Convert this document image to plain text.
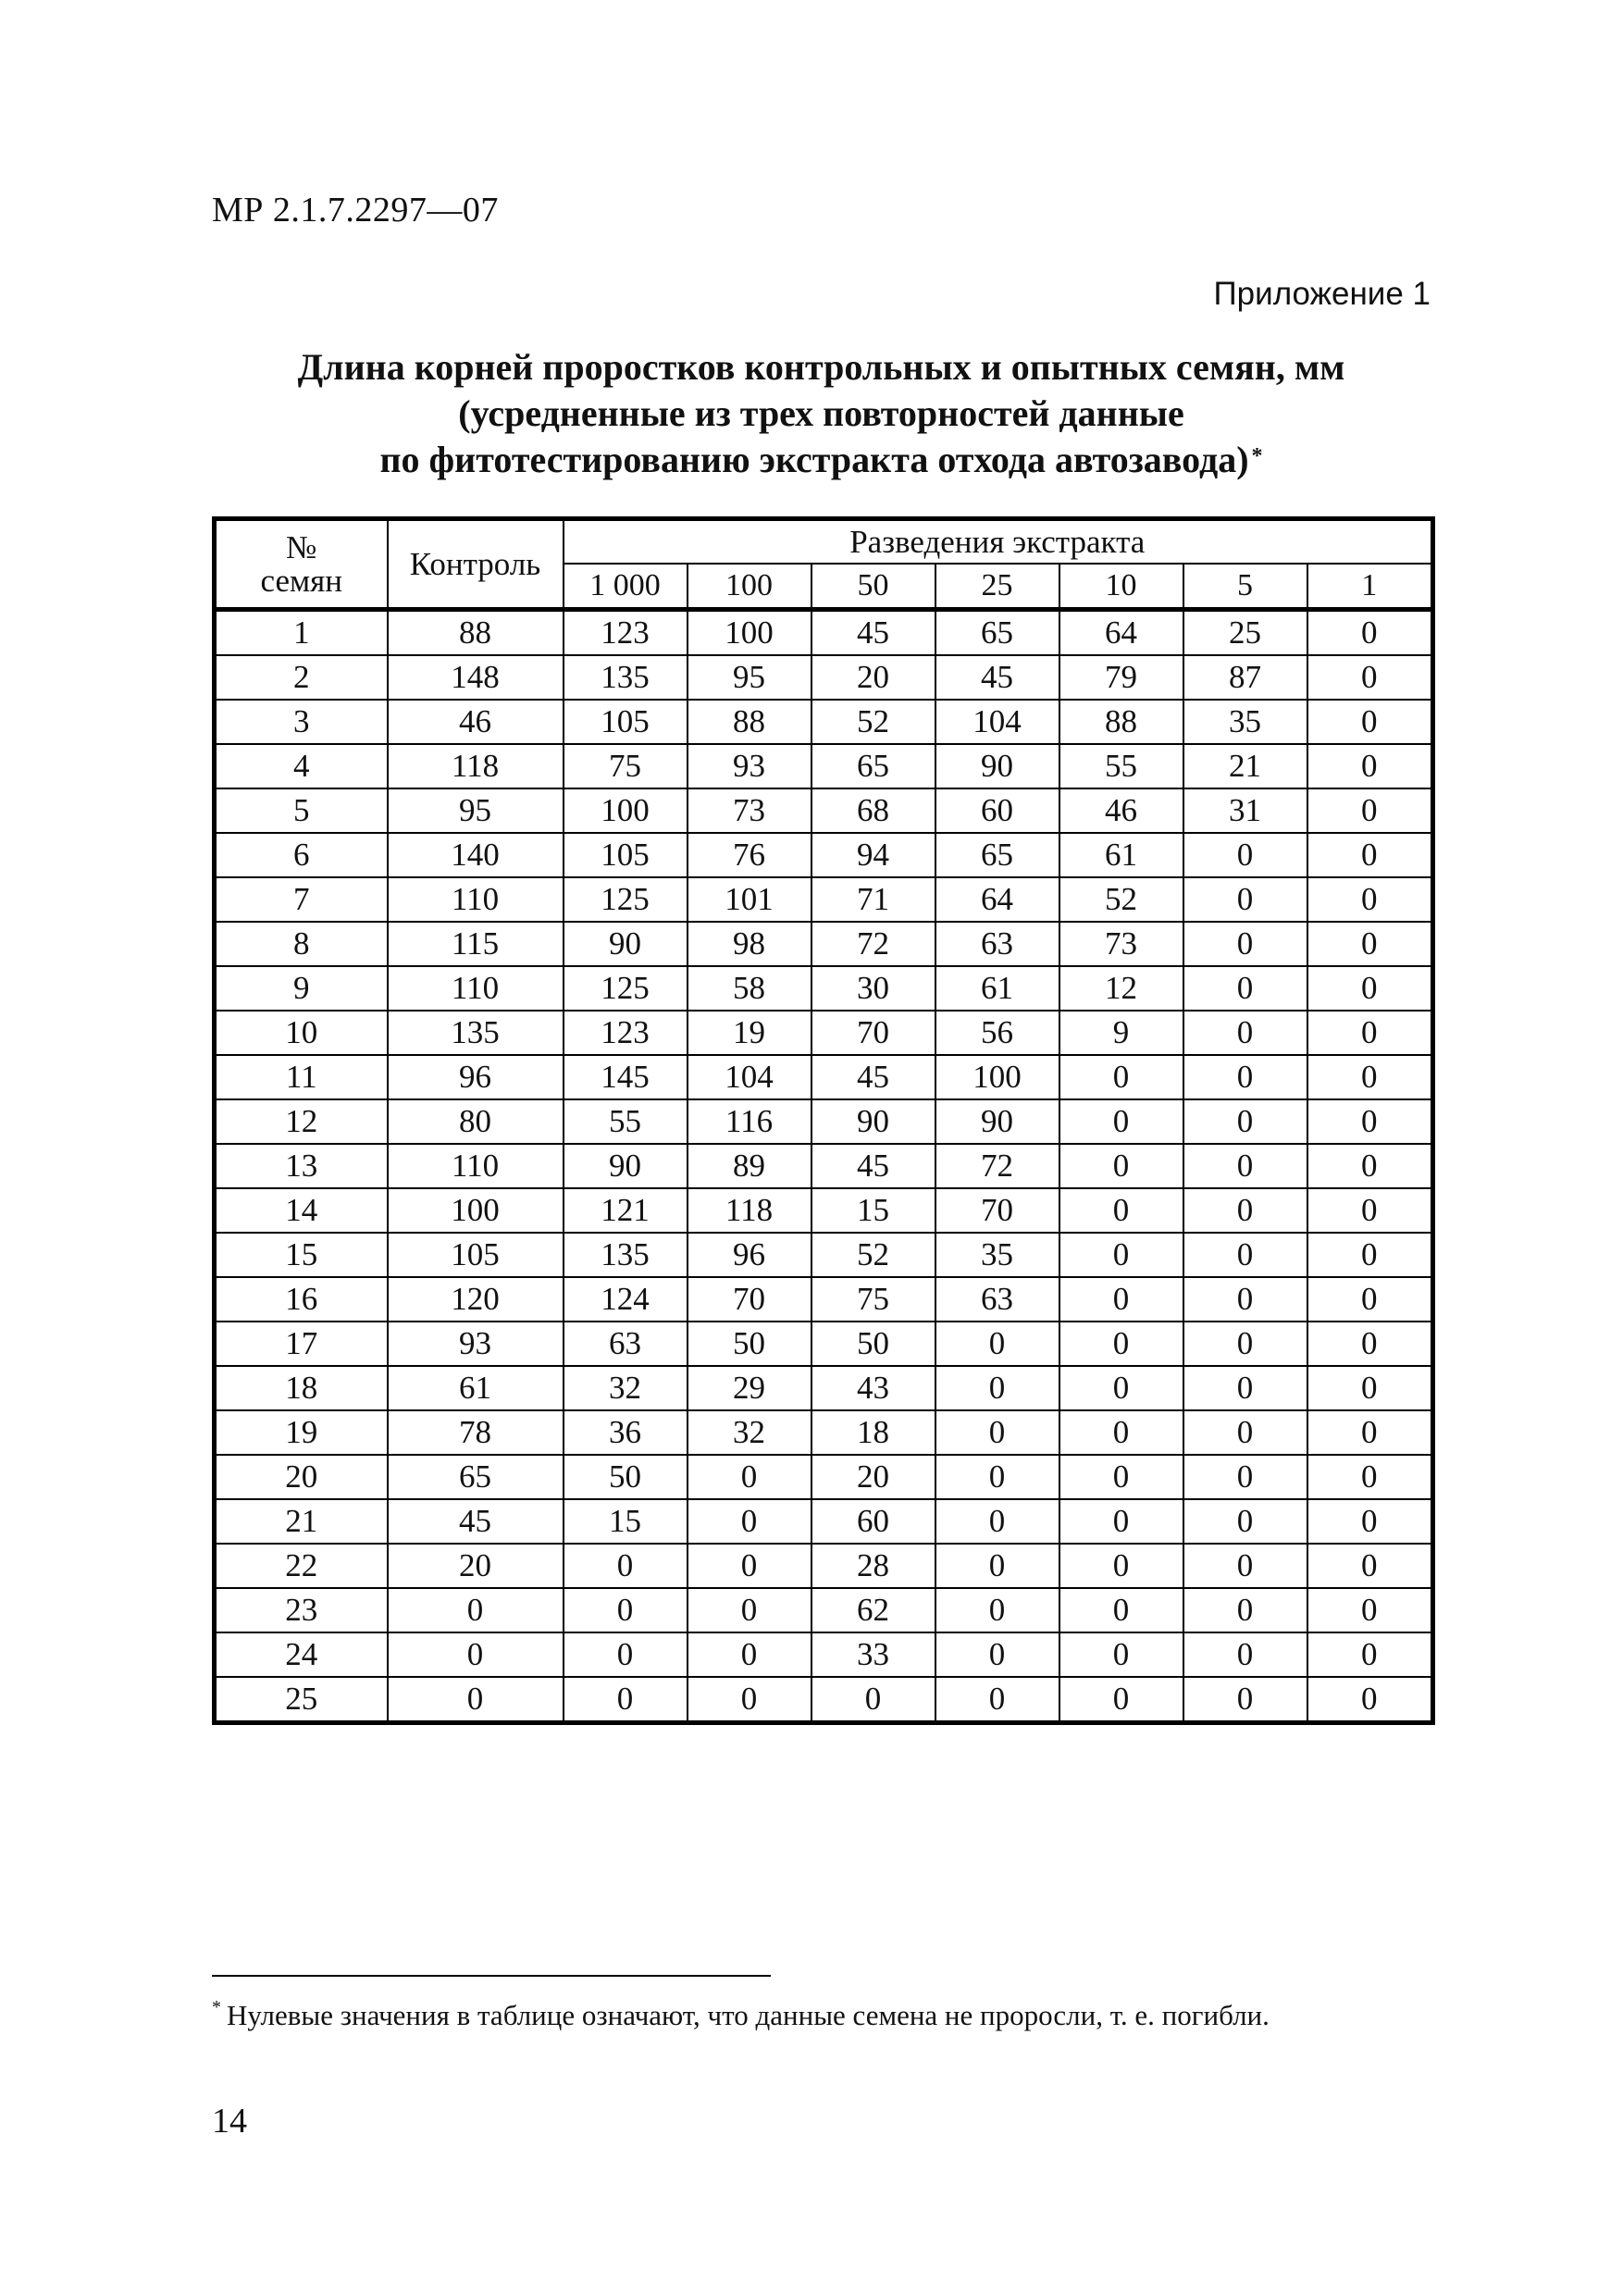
МР 2.1.7.2297—07
Приложение 1
Длина корней проростков контрольных и опытных семян, мм
(усредненные из трех повторностей данные
по фитотестированию экстракта отхода автозавода) *
№
семян	Контроль	Разведения экстракта						
		1 000	100	50	25	10	5	1
1	88	123	100	45	65	64	25	0
2	148	135	95	20	45	79	87	0
3	46	105	88	52	104	88	35	0
4	118	75	93	65	90	55	21	0
5	95	100	73	68	60	46	31	0
6	140	105	76	94	65	61	0	0
7	110	125	101	71	64	52	0	0
8	115	90	98	72	63	73	0	0
9	110	125	58	30	61	12	0	0
10	135	123	19	70	56	9	0	0
11	96	145	104	45	100	0	0	0
12	80	55	116	90	90	0	0	0
13	110	90	89	45	72	0	0	0
14	100	121	118	15	70	0	0	0
15	105	135	96	52	35	0	0	0
16	120	124	70	75	63	0	0	0
17	93	63	50	50	0	0	0	0
18	61	32	29	43	0	0	0	0
19	78	36	32	18	0	0	0	0
20	65	50	0	20	0	0	0	0
21	45	15	0	60	0	0	0	0
22	20	0	0	28	0	0	0	0
23	0	0	0	62	0	0	0	0
24	0	0	0	33	0	0	0	0
25	0	0	0	0	0	0	0	0
* Нулевые значения в таблице означают, что данные семена не проросли, т. е. погибли.
14
